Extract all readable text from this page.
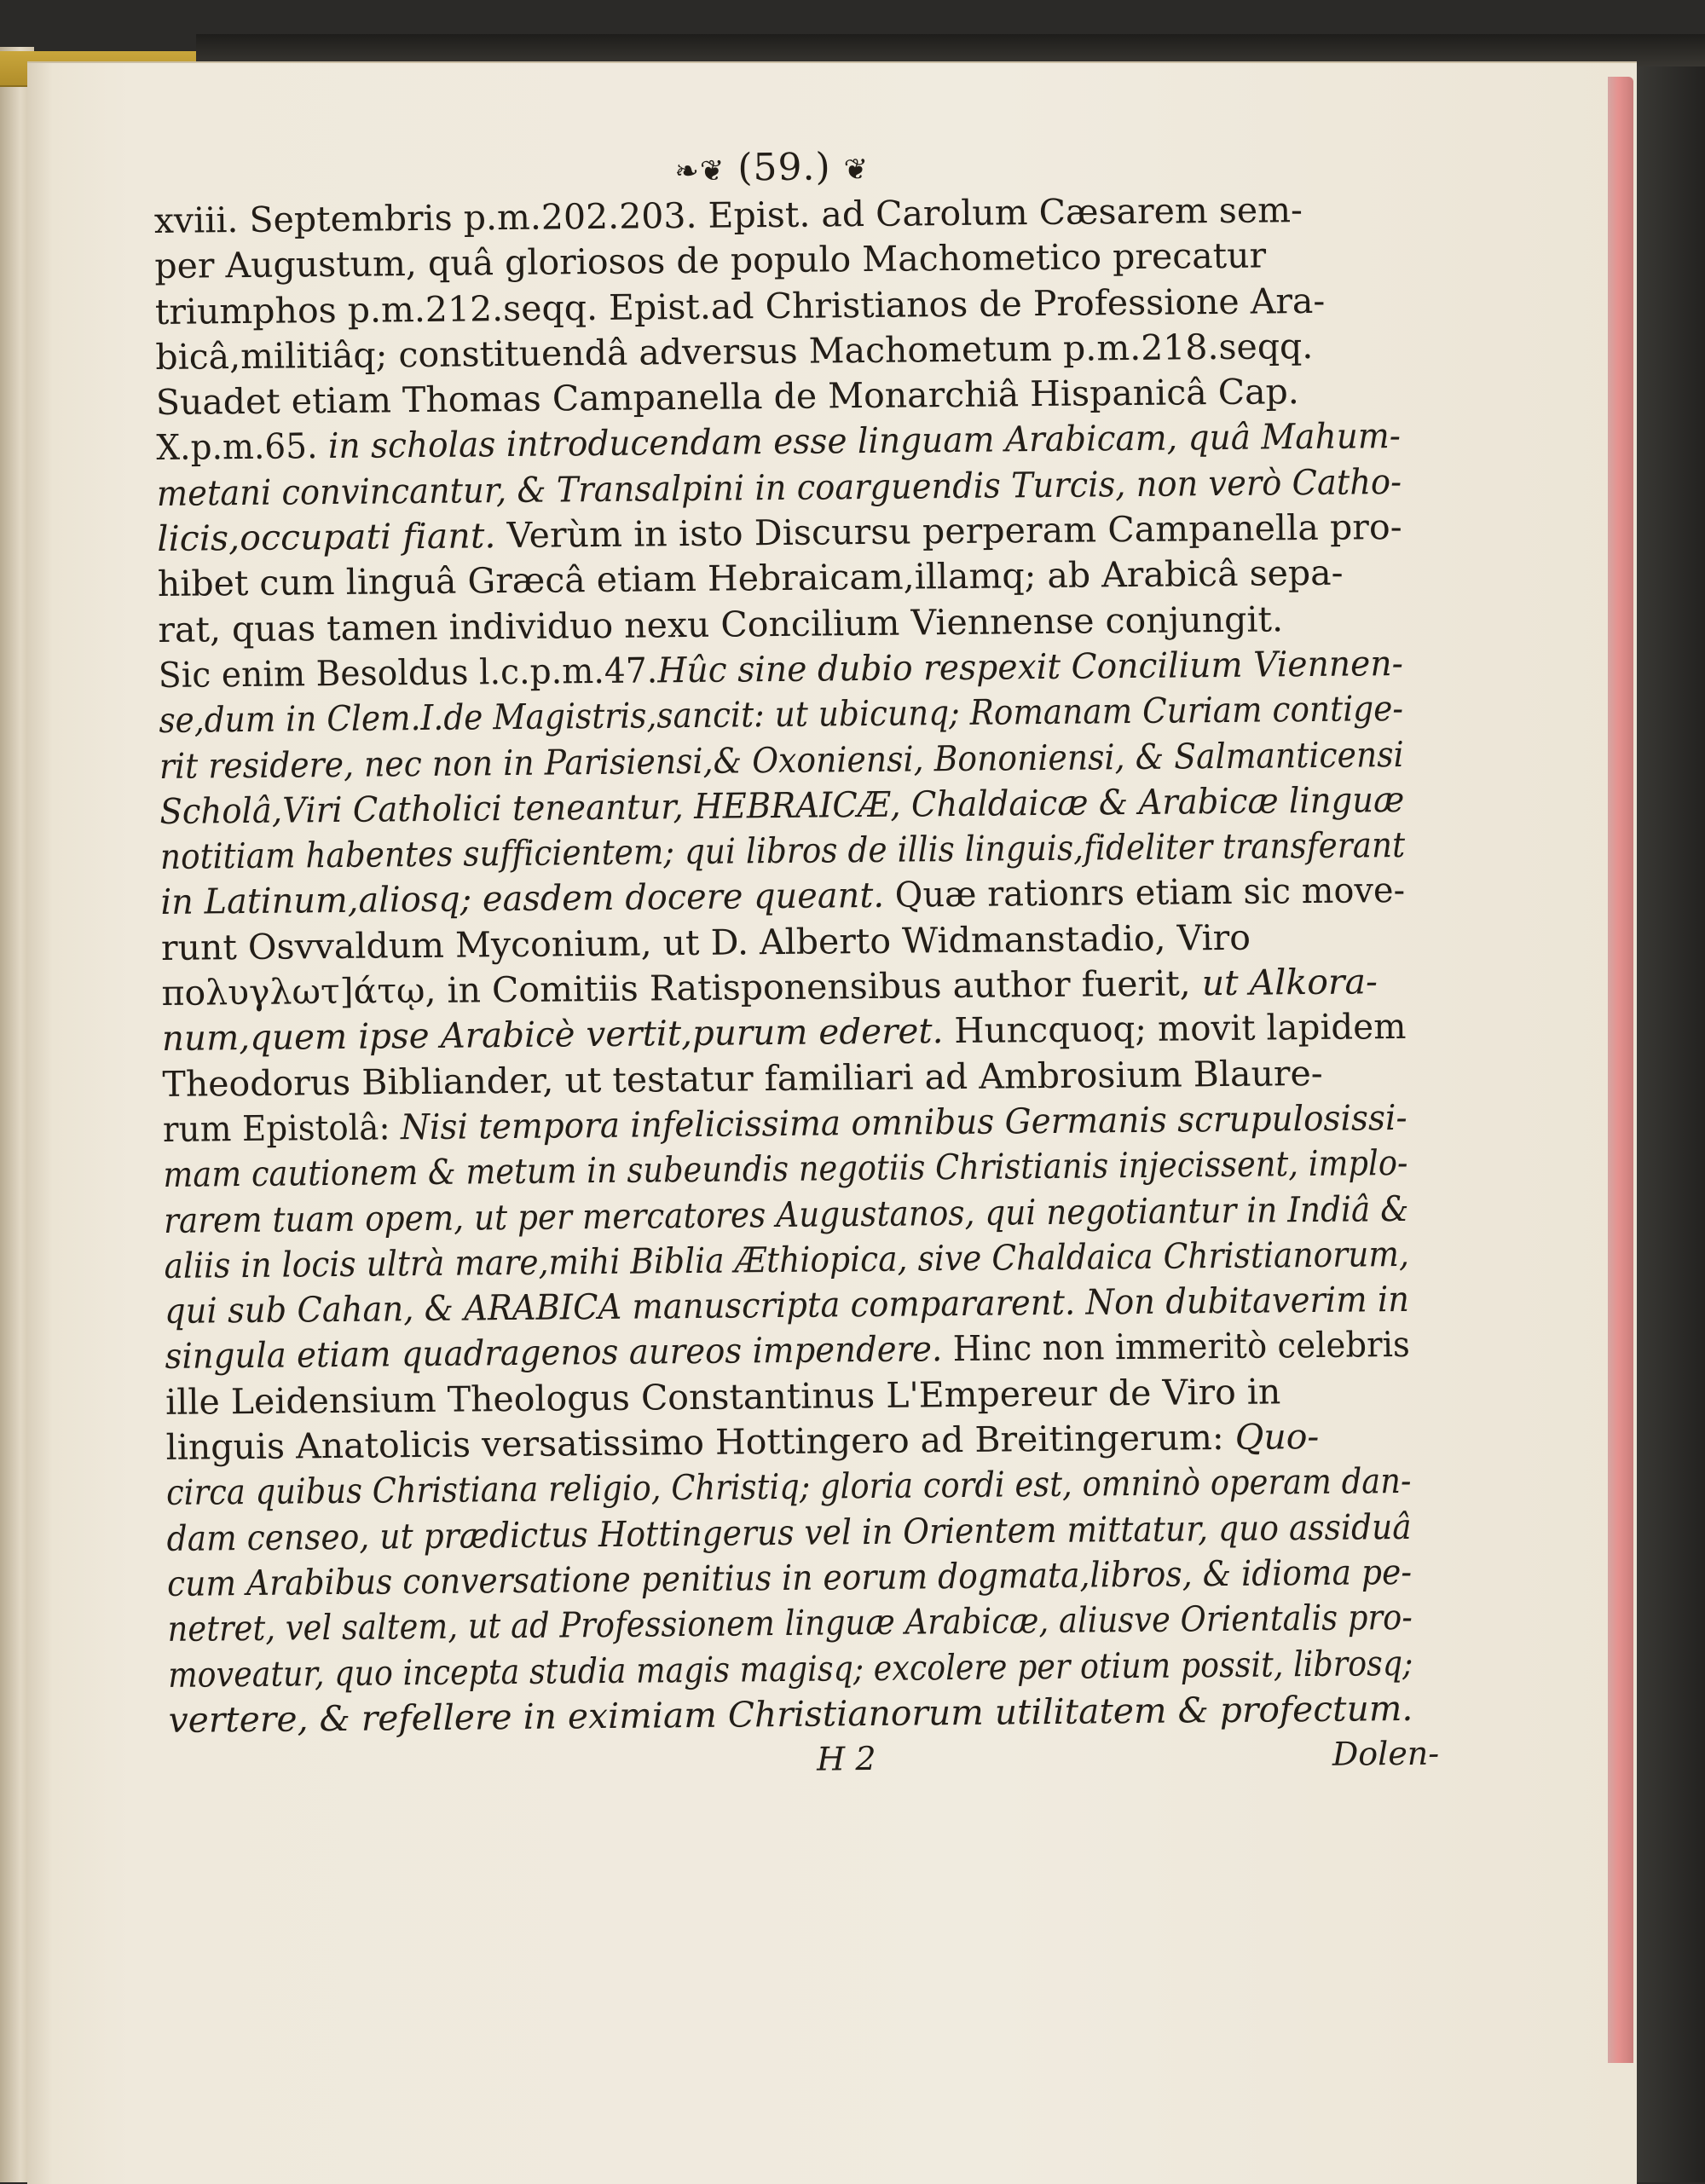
❧❦ (59.) ❦
xviii. Septembris p.m.202.203. Epist. ad Carolum Cæsarem sem-
per Augustum, quâ gloriosos de populo Machometico precatur
triumphos p.m.212.seqq. Epist.ad Christianos de Professione Ara-
bicâ,militiâq; constituendâ adversus Machometum p.m.218.seqq.
Suadet etiam Thomas Campanella de Monarchiâ Hispanicâ Cap.
X.p.m.65. in scholas introducendam esse linguam Arabicam, quâ Mahum-
metani convincantur, & Transalpini in coarguendis Turcis, non verò Catho-
licis,occupati fiant. Verùm in isto Discursu perperam Campanella pro-
hibet cum linguâ Græcâ etiam Hebraicam,illamq; ab Arabicâ sepa-
rat, quas tamen individuo nexu Concilium Viennense conjungit.
Sic enim Besoldus l.c.p.m.47.Hûc sine dubio respexit Concilium Viennen-
se,dum in Clem.I.de Magistris,sancit: ut ubicunq; Romanam Curiam contige-
rit residere, nec non in Parisiensi,& Oxoniensi, Bononiensi, & Salmanticensi
Scholâ,Viri Catholici teneantur, HEBRAICÆ, Chaldaicæ & Arabicæ linguæ
notitiam habentes sufficientem; qui libros de illis linguis,fideliter transferant
in Latinum,aliosq; easdem docere queant. Quæ rationrs etiam sic move-
runt Osvvaldum Myconium, ut D. Alberto Widmanstadio, Viro
πολυγλωτ]άτῳ, in Comitiis Ratisponensibus author fuerit, ut Alkora-
num,quem ipse Arabicè vertit,purum ederet. Huncquoq; movit lapidem
Theodorus Bibliander, ut testatur familiari ad Ambrosium Blaure-
rum Epistolâ: Nisi tempora infelicissima omnibus Germanis scrupulosissi-
mam cautionem & metum in subeundis negotiis Christianis injecissent, implo-
rarem tuam opem, ut per mercatores Augustanos, qui negotiantur in Indiâ &
aliis in locis ultrà mare,mihi Biblia Æthiopica, sive Chaldaica Christianorum,
qui sub Cahan, & ARABICA manuscripta compararent. Non dubitaverim in
singula etiam quadragenos aureos impendere. Hinc non immeritò celebris
ille Leidensium Theologus Constantinus L'Empereur de Viro in
linguis Anatolicis versatissimo Hottingero ad Breitingerum: Quo-
circa quibus Christiana religio, Christiq; gloria cordi est, omninò operam dan-
dam censeo, ut prædictus Hottingerus vel in Orientem mittatur, quo assiduâ
cum Arabibus conversatione penitius in eorum dogmata,libros, & idioma pe-
netret, vel saltem, ut ad Professionem linguæ Arabicæ, aliusve Orientalis pro-
moveatur, quo incepta studia magis magisq; excolere per otium possit, librosq;
vertere, & refellere in eximiam Christianorum utilitatem & profectum.
H 2	Dolen-
